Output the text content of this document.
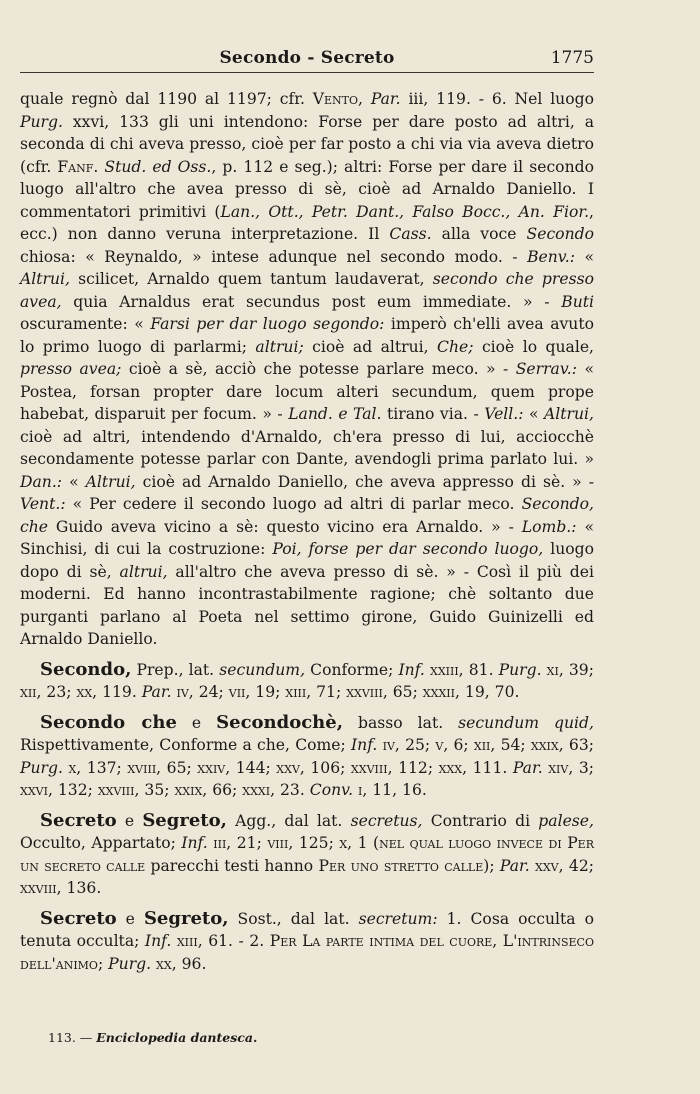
Secondo - Secreto	1775

quale regnò dal 1190 al 1197; cfr. Vento, Par. iii, 119. - 6. Nel luogo Purg. xxvi, 133 gli uni intendono: Forse per dare posto ad altri, a seconda di chi aveva presso, cioè per far posto a chi via via aveva dietro (cfr. Fanf. Stud. ed Oss., p. 112 e seg.); altri: Forse per dare il secondo luogo all'altro che avea presso di sè, cioè ad Arnaldo Daniello. I commentatori primitivi (Lan., Ott., Petr. Dant., Falso Bocc., An. Fior., ecc.) non danno veruna interpretazione. Il Cass. alla voce Secondo chiosa: « Reynaldo, » intese adunque nel secondo modo. - Benv.: « Altrui, scilicet, Arnaldo quem tantum laudaverat, secondo che presso avea, quia Arnaldus erat secundus post eum immediate. » - Buti oscuramente: « Farsi per dar luogo segondo: imperò ch'elli avea avuto lo primo luogo di parlarmi; altrui; cioè ad altrui, Che; cioè lo quale, presso avea; cioè a sè, acciò che potesse parlare meco. » - Serrav.: « Postea, forsan propter dare locum alteri secundum, quem prope habebat, disparuit per focum. » - Land. e Tal. tirano via. - Vell.: « Altrui, cioè ad altri, intendendo d'Arnaldo, ch'era presso di lui, acciocchè secondamente potesse parlar con Dante, avendogli prima parlato lui. » Dan.: « Altrui, cioè ad Arnaldo Daniello, che aveva appresso di sè. » - Vent.: « Per cedere il secondo luogo ad altri di parlar meco. Secondo, che Guido aveva vicino a sè: questo vicino era Arnaldo. » - Lomb.: « Sinchisi, di cui la costruzione: Poi, forse per dar secondo luogo, luogo dopo di sè, altrui, all'altro che aveva presso di sè. » - Così il più dei moderni. Ed hanno incontrastabilmente ragione; chè soltanto due purganti parlano al Poeta nel settimo girone, Guido Guinizelli ed Arnaldo Daniello.

Secondo, Prep., lat. secundum, Conforme; Inf. xxiii, 81. Purg. xi, 39; xii, 23; xx, 119. Par. iv, 24; vii, 19; xiii, 71; xxviii, 65; xxxii, 19, 70.

Secondo che e Secondochè, basso lat. secundum quid, Rispettivamente, Conforme a che, Come; Inf. iv, 25; v, 6; xii, 54; xxix, 63; Purg. x, 137; xviii, 65; xxiv, 144; xxv, 106; xxviii, 112; xxx, 111. Par. xiv, 3; xxvi, 132; xxviii, 35; xxix, 66; xxxi, 23. Conv. i, 11, 16.

Secreto e Segreto, Agg., dal lat. secretus, Contrario di palese, Occulto, Appartato; Inf. iii, 21; viii, 125; x, 1 (nel qual luogo invece di Per un secreto calle parecchi testi hanno Per uno stretto calle); Par. xxv, 42; xxviii, 136.

Secreto e Segreto, Sost., dal lat. secretum: 1. Cosa occulta o tenuta occulta; Inf. xiii, 61. - 2. Per La parte intima del cuore, L'intrinseco dell'animo; Purg. xx, 96.

113. — Enciclopedia dantesca.
